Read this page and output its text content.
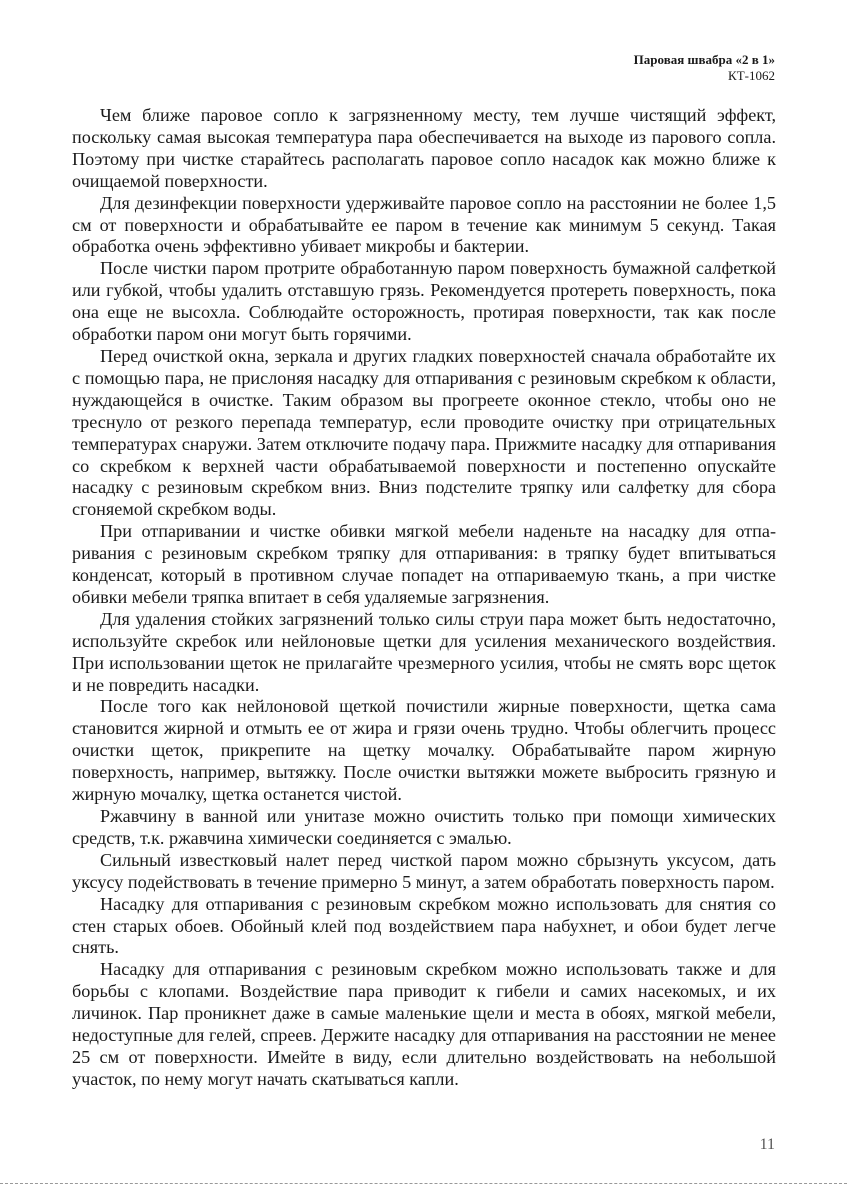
Паровая швабра «2 в 1»
КТ-1062

Чем ближе паровое сопло к загрязненному месту, тем лучше чистящий эффект, поскольку самая высокая температура пара обеспечивается на выходе из парового сопла. Поэтому при чистке старайтесь располагать паровое сопло насадок как можно ближе к очищаемой поверхности.

Для дезинфекции поверхности удерживайте паровое сопло на расстоянии не более 1,5 см от поверхности и обрабатывайте ее паром в течение как минимум 5 секунд. Такая обработка очень эффективно убивает микробы и бактерии.

После чистки паром протрите обработанную паром поверхность бумажной салфеткой или губкой, чтобы удалить отставшую грязь. Рекомендуется протереть поверхность, пока она еще не высохла. Соблюдайте осторожность, протирая поверхности, так как после обработки паром они могут быть горячими.

Перед очисткой окна, зеркала и других гладких поверхностей сначала обработайте их с помощью пара, не прислоняя насадку для отпаривания с резиновым скребком к области, нуждающейся в очистке. Таким образом вы прогреете оконное стекло, чтобы оно не треснуло от резкого перепада температур, если проводите очистку при отрицательных температурах снаружи. Затем отключите подачу пара. Прижмите насадку для отпаривания со скребком к верхней части обрабатываемой поверхности и постепенно опускайте насадку с резиновым скребком вниз. Вниз подстелите тряпку или салфетку для сбора сгоняемой скребком воды.

При отпаривании и чистке обивки мягкой мебели наденьте на насадку для отпаривания с резиновым скребком тряпку для отпаривания: в тряпку будет впитываться конденсат, который в противном случае попадет на отпариваемую ткань, а при чистке обивки мебели тряпка впитает в себя удаляемые загрязнения.

Для удаления стойких загрязнений только силы струи пара может быть недостаточно, используйте скребок или нейлоновые щетки для усиления механического воздействия. При использовании щеток не прилагайте чрезмерного усилия, чтобы не смять ворс щеток и не повредить насадки.

После того как нейлоновой щеткой почистили жирные поверхности, щетка сама становится жирной и отмыть ее от жира и грязи очень трудно. Чтобы облегчить процесс очистки щеток, прикрепите на щетку мочалку. Обрабатывайте паром жирную поверхность, например, вытяжку. После очистки вытяжки можете выбросить грязную и жирную мочалку, щетка останется чистой.

Ржавчину в ванной или унитазе можно очистить только при помощи химических средств, т.к. ржавчина химически соединяется с эмалью.

Сильный известковый налет перед чисткой паром можно сбрызнуть уксусом, дать уксусу подействовать в течение примерно 5 минут, а затем обработать поверхность паром.

Насадку для отпаривания с резиновым скребком можно использовать для снятия со стен старых обоев. Обойный клей под воздействием пара набухнет, и обои будет легче снять.

Насадку для отпаривания с резиновым скребком можно использовать также и для борьбы с клопами. Воздействие пара приводит к гибели и самих насекомых, и их личинок. Пар проникнет даже в самые маленькие щели и места в обоях, мягкой мебели, недоступные для гелей, спреев. Держите насадку для отпаривания на расстоянии не менее 25 см от поверхности. Имейте в виду, если длительно воздействовать на небольшой участок, по нему могут начать скатываться капли.

11
